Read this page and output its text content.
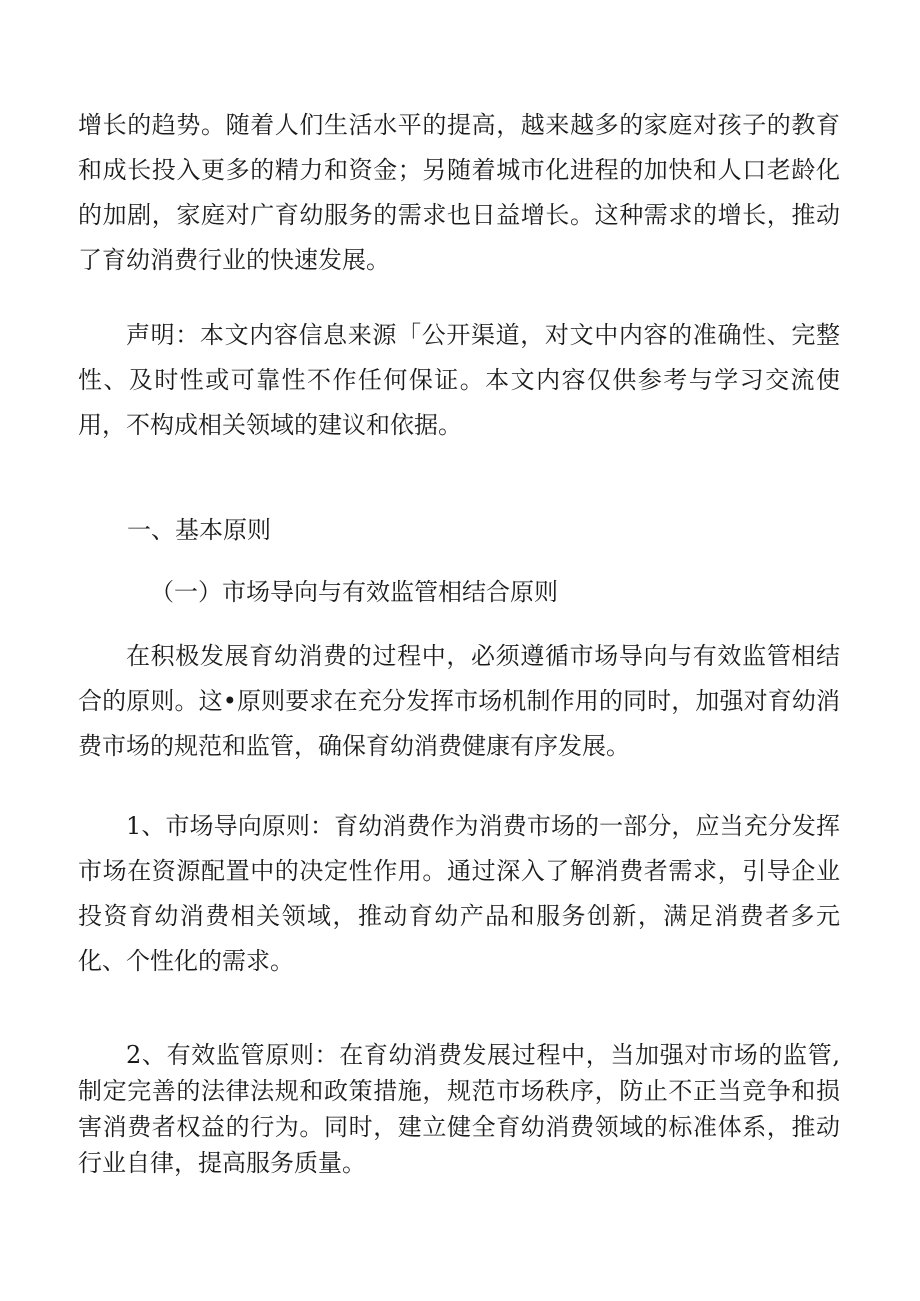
增长的趋势。随着人们生活水平的提高，越来越多的家庭对孩子的教育和成长投入更多的精力和资金；另随着城市化进程的加快和人口老龄化的加剧，家庭对广育幼服务的需求也日益增长。这种需求的增长，推动了育幼消费行业的快速发展。

声明：本文内容信息来源「公开渠道，对文中内容的准确性、完整性、及时性或可靠性不作任何保证。本文内容仅供参考与学习交流使用，不构成相关领域的建议和依据。

一、基本原则
（一）市场导向与有效监管相结合原则

在积极发展育幼消费的过程中，必须遵循市场导向与有效监管相结合的原则。这•原则要求在充分发挥市场机制作用的同时，加强对育幼消费市场的规范和监管，确保育幼消费健康有序发展。

1、市场导向原则：育幼消费作为消费市场的一部分，应当充分发挥市场在资源配置中的决定性作用。通过深入了解消费者需求，引导企业投资育幼消费相关领域，推动育幼产品和服务创新，满足消费者多元化、个性化的需求。

2、有效监管原则：在育幼消费发展过程中，当加强对市场的监管,制定完善的法律法规和政策措施，规范市场秩序，防止不正当竞争和损害消费者权益的行为。同时，建立健全育幼消费领域的标准体系，推动行业自律，提高服务质量。
